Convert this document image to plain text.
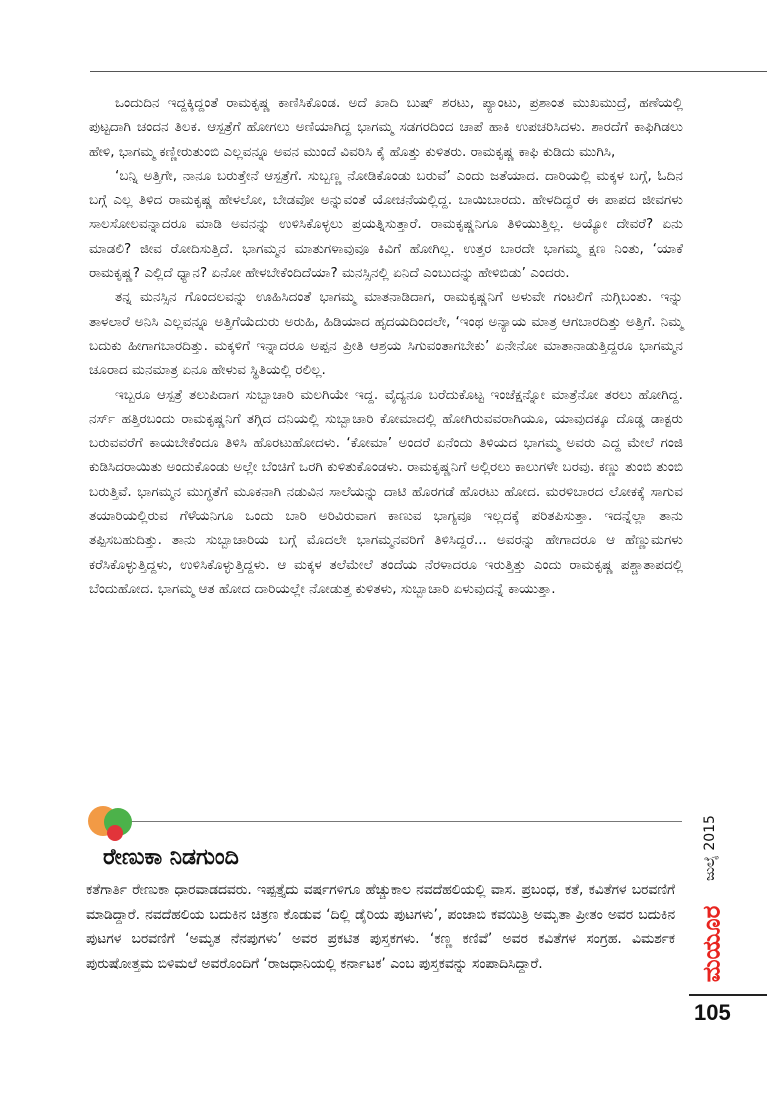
ಒಂದುದಿನ ಇದ್ದಕ್ಕಿದ್ದಂತೆ ರಾಮಕೃಷ್ಣ ಕಾಣಿಸಿಕೊಂಡ. ಅದೆ ಖಾದಿ ಬುಷ್ ಶರಟು, ಪ್ಯಾಂಟು, ಪ್ರಶಾಂತ ಮುಖಮುದ್ರೆ, ಹಣೆಯಲ್ಲಿ ಪುಟ್ಟದಾಗಿ ಚಂದನ ತಿಲಕ. ಆಸ್ಪತ್ರೆಗೆ ಹೋಗಲು ಅಣಿಯಾಗಿದ್ದ ಭಾಗಮ್ಮ ಸಡಗರದಿಂದ ಚಾಪೆ ಹಾಕಿ ಉಪಚರಿಸಿದಳು. ಶಾರದೆಗೆ ಕಾಫಿಗಿಡಲು ಹೇಳಿ, ಭಾಗಮ್ಮ ಕಣ್ಣೀರುತುಂಬಿ ಎಲ್ಲವನ್ನೂ ಅವನ ಮುಂದೆ ವಿವರಿಸಿ ಕೈ ಹೊತ್ತು ಕುಳಿತರು. ರಾಮಕೃಷ್ಣ ಕಾಫಿ ಕುಡಿದು ಮುಗಿಸಿ,

‘ಬನ್ನಿ ಅತ್ತಿಗೇ, ನಾನೂ ಬರುತ್ತೇನೆ ಆಸ್ಪತ್ರೆಗೆ. ಸುಬ್ಬಣ್ಣ ನೋಡಿಕೊಂಡು ಬರುವೆ’ ಎಂದು ಜತೆಯಾದ. ದಾರಿಯಲ್ಲಿ ಮಕ್ಕಳ ಬಗ್ಗೆ, ಓದಿನ ಬಗ್ಗೆ ಎಲ್ಲ ತಿಳಿದ ರಾಮಕೃಷ್ಣ ಹೇಳಲೋ, ಬೇಡವೋ ಅನ್ನುವಂತೆ ಯೋಚನೆಯಲ್ಲಿದ್ದ. ಬಾಯಿಬಾರದು. ಹೇಳದಿದ್ದರೆ ಈ ಪಾಪದ ಜೀವಗಳು ಸಾಲಸೋಲವನ್ನಾದರೂ ಮಾಡಿ ಅವನನ್ನು ಉಳಿಸಿಕೊಳ್ಳಲು ಪ್ರಯತ್ನಿಸುತ್ತಾರೆ. ರಾಮಕೃಷ್ಣನಿಗೂ ತಿಳಿಯುತ್ತಿಲ್ಲ. ಅಯ್ಯೋ ದೇವರೆ? ಏನು ಮಾಡಲಿ? ಜೀವ ರೋದಿಸುತ್ತಿದೆ. ಭಾಗಮ್ಮನ ಮಾತುಗಳಾವುವೂ ಕಿವಿಗೆ ಹೋಗಿಲ್ಲ. ಉತ್ತರ ಬಾರದೇ ಭಾಗಮ್ಮ ಕ್ಷಣ ನಿಂತು, ‘ಯಾಕೆ ರಾಮಕೃಷ್ಣ? ಎಲ್ಲಿದೆ ಧ್ಯಾನ? ಏನೋ ಹೇಳಬೇಕೆಂದಿದೆಯಾ? ಮನಸ್ಸಿನಲ್ಲಿ ಏನಿದೆ ಎಂಬುದನ್ನು ಹೇಳಿಬಿಡು’ ಎಂದರು.

ತನ್ನ ಮನಸ್ಸಿನ ಗೊಂದಲವನ್ನು ಊಹಿಸಿದಂತೆ ಭಾಗಮ್ಮ ಮಾತನಾಡಿದಾಗ, ರಾಮಕೃಷ್ಣನಿಗೆ ಅಳುವೇ ಗಂಟಲಿಗೆ ನುಗ್ಗಿಬಂತು. ಇನ್ನು ತಾಳಲಾರೆ ಅನಿಸಿ ಎಲ್ಲವನ್ನೂ ಅತ್ತಿಗೆಯೆದುರು ಅರುಹಿ, ಹಿಡಿಯಾದ ಹೃದಯದಿಂದಲೇ, ‘ಇಂಥ ಅನ್ಯಾಯ ಮಾತ್ರ ಆಗಬಾರದಿತ್ತು ಅತ್ತಿಗೆ. ನಿಮ್ಮ ಬದುಕು ಹೀಗಾಗಬಾರದಿತ್ತು. ಮಕ್ಕಳಿಗೆ ಇನ್ನಾದರೂ ಅಪ್ಪನ ಪ್ರೀತಿ ಆಶ್ರಯ ಸಿಗುವಂತಾಗಬೇಕು’ ಏನೇನೋ ಮಾತಾನಾಡುತ್ತಿದ್ದರೂ ಭಾಗಮ್ಮನ ಚೂರಾದ ಮನಮಾತ್ರ ಏನೂ ಹೇಳುವ ಸ್ಥಿತಿಯಲ್ಲಿ ರಲಿಲ್ಲ.

ಇಬ್ಬರೂ ಆಸ್ಪತ್ರೆ ತಲುಪಿದಾಗ ಸುಬ್ಬಾಚಾರಿ ಮಲಗಿಯೇ ಇದ್ದ. ವೈದ್ಯನೂ ಬರೆದುಕೊಟ್ಟ ಇಂಜೆಕ್ಷನ್ನೋ ಮಾತ್ರೆನೋ ತರಲು ಹೋಗಿದ್ದ. ನರ್ಸ್ ಹತ್ತಿರಬಂದು ರಾಮಕೃಷ್ಣನಿಗೆ ತಗ್ಗಿದ ದನಿಯಲ್ಲಿ ಸುಬ್ಬಾಚಾರಿ ಕೋಮಾದಲ್ಲಿ ಹೋಗಿರುವವರಾಗಿಯೂ, ಯಾವುದಕ್ಕೂ ದೊಡ್ಡ ಡಾಕ್ಟರು ಬರುವವರೆಗೆ ಕಾಯಬೇಕೆಂದೂ ತಿಳಿಸಿ ಹೊರಟುಹೋದಳು. ‘ಕೋಮಾ’ ಅಂದರೆ ಏನೆಂದು ತಿಳಿಯದ ಭಾಗಮ್ಮ ಅವರು ಎದ್ದ ಮೇಲೆ ಗಂಜಿ ಕುಡಿಸಿದರಾಯಿತು ಅಂದುಕೊಂಡು ಅಲ್ಲೇ ಬೆಂಚಿಗೆ ಒರಗಿ ಕುಳಿತುಕೊಂಡಳು. ರಾಮಕೃಷ್ಣನಿಗೆ ಅಲ್ಲಿರಲು ಕಾಲುಗಳೇ ಬರವು. ಕಣ್ಣು ತುಂಬಿ ತುಂಬಿ ಬರುತ್ತಿವೆ. ಭಾಗಮ್ಮನ ಮುಗ್ಧತೆಗೆ ಮೂಕನಾಗಿ ನಡುವಿನ ಸಾಲೆಯನ್ನು ದಾಟಿ ಹೊರಗಡೆ ಹೊರಟು ಹೋದ. ಮರಳಿಬಾರದ ಲೋಕಕ್ಕೆ ಸಾಗುವ ತಯಾರಿಯಲ್ಲಿರುವ ಗೆಳೆಯನಿಗೂ ಒಂದು ಬಾರಿ ಅರಿವಿರುವಾಗ ಕಾಣುವ ಭಾಗ್ಯವೂ ಇಲ್ಲದಕ್ಕೆ ಪರಿತಪಿಸುತ್ತಾ. ಇದನ್ನೆಲ್ಲಾ ತಾನು ತಪ್ಪಿಸಬಹುದಿತ್ತು. ತಾನು ಸುಬ್ಬಾಚಾರಿಯ ಬಗ್ಗೆ ಮೊದಲೇ ಭಾಗಮ್ಮನವರಿಗೆ ತಿಳಿಸಿದ್ದರೆ... ಅವರನ್ನು ಹೇಗಾದರೂ ಆ ಹೆಣ್ಣುಮಗಳು ಕರೆಸಿಕೊಳ್ಳುತ್ತಿದ್ದಳು, ಉಳಿಸಿಕೊಳ್ಳುತ್ತಿದ್ದಳು. ಆ ಮಕ್ಕಳ ತಲೆಮೇಲೆ ತಂದೆಯ ನೆರಳಾದರೂ ಇರುತ್ತಿತ್ತು ಎಂದು ರಾಮಕೃಷ್ಣ ಪಶ್ಚಾತಾಪದಲ್ಲಿ ಬೆಂದುಹೋದ. ಭಾಗಮ್ಮ ಆತ ಹೋದ ದಾರಿಯಲ್ಲೇ ನೋಡುತ್ತ ಕುಳಿತಳು, ಸುಬ್ಬಾಚಾರಿ ಏಳುವುದನ್ನೆ ಕಾಯುತ್ತಾ.

ರೇಣುಕಾ ನಿಡಗುಂದಿ

ಕತೆಗಾರ್ತಿ ರೇಣುಕಾ ಧಾರವಾಡದವರು. ಇಪ್ಪತ್ತೈದು ವರ್ಷಗಳಿಗೂ ಹೆಚ್ಚುಕಾಲ ನವದೆಹಲಿಯಲ್ಲಿ ವಾಸ. ಪ್ರಬಂಧ, ಕತೆ, ಕವಿತೆಗಳ ಬರವಣಿಗೆ ಮಾಡಿದ್ದಾರೆ. ನವದೆಹಲಿಯ ಬದುಕಿನ ಚಿತ್ರಣ ಕೊಡುವ ‘ದಿಲ್ಲಿ ಡೈರಿಯ ಪುಟಗಳು’, ಪಂಜಾಬಿ ಕವಯಿತ್ರಿ ಅಮೃತಾ ಪ್ರೀತಂ ಅವರ ಬದುಕಿನ ಪುಟಗಳ ಬರವಣಿಗೆ ‘ಅಮೃತ ನೆನಪುಗಳು’ ಅವರ ಪ್ರಕಟಿತ ಪುಸ್ತಕಗಳು. ‘ಕಣ್ಣ ಕಣಿವೆ’ ಅವರ ಕವಿತೆಗಳ ಸಂಗ್ರಹ. ವಿಮರ್ಶಕ ಪುರುಷೋತ್ತಮ ಬಿಳಿಮಲೆ ಅವರೊಂದಿಗೆ ‘ರಾಜಧಾನಿಯಲ್ಲಿ ಕರ್ನಾಟಕ’ ಎಂಬ ಪುಸ್ತಕವನ್ನು ಸಂಪಾದಿಸಿದ್ದಾರೆ.

ಜುಲೈ 2015
ಮಯೂರ
105
